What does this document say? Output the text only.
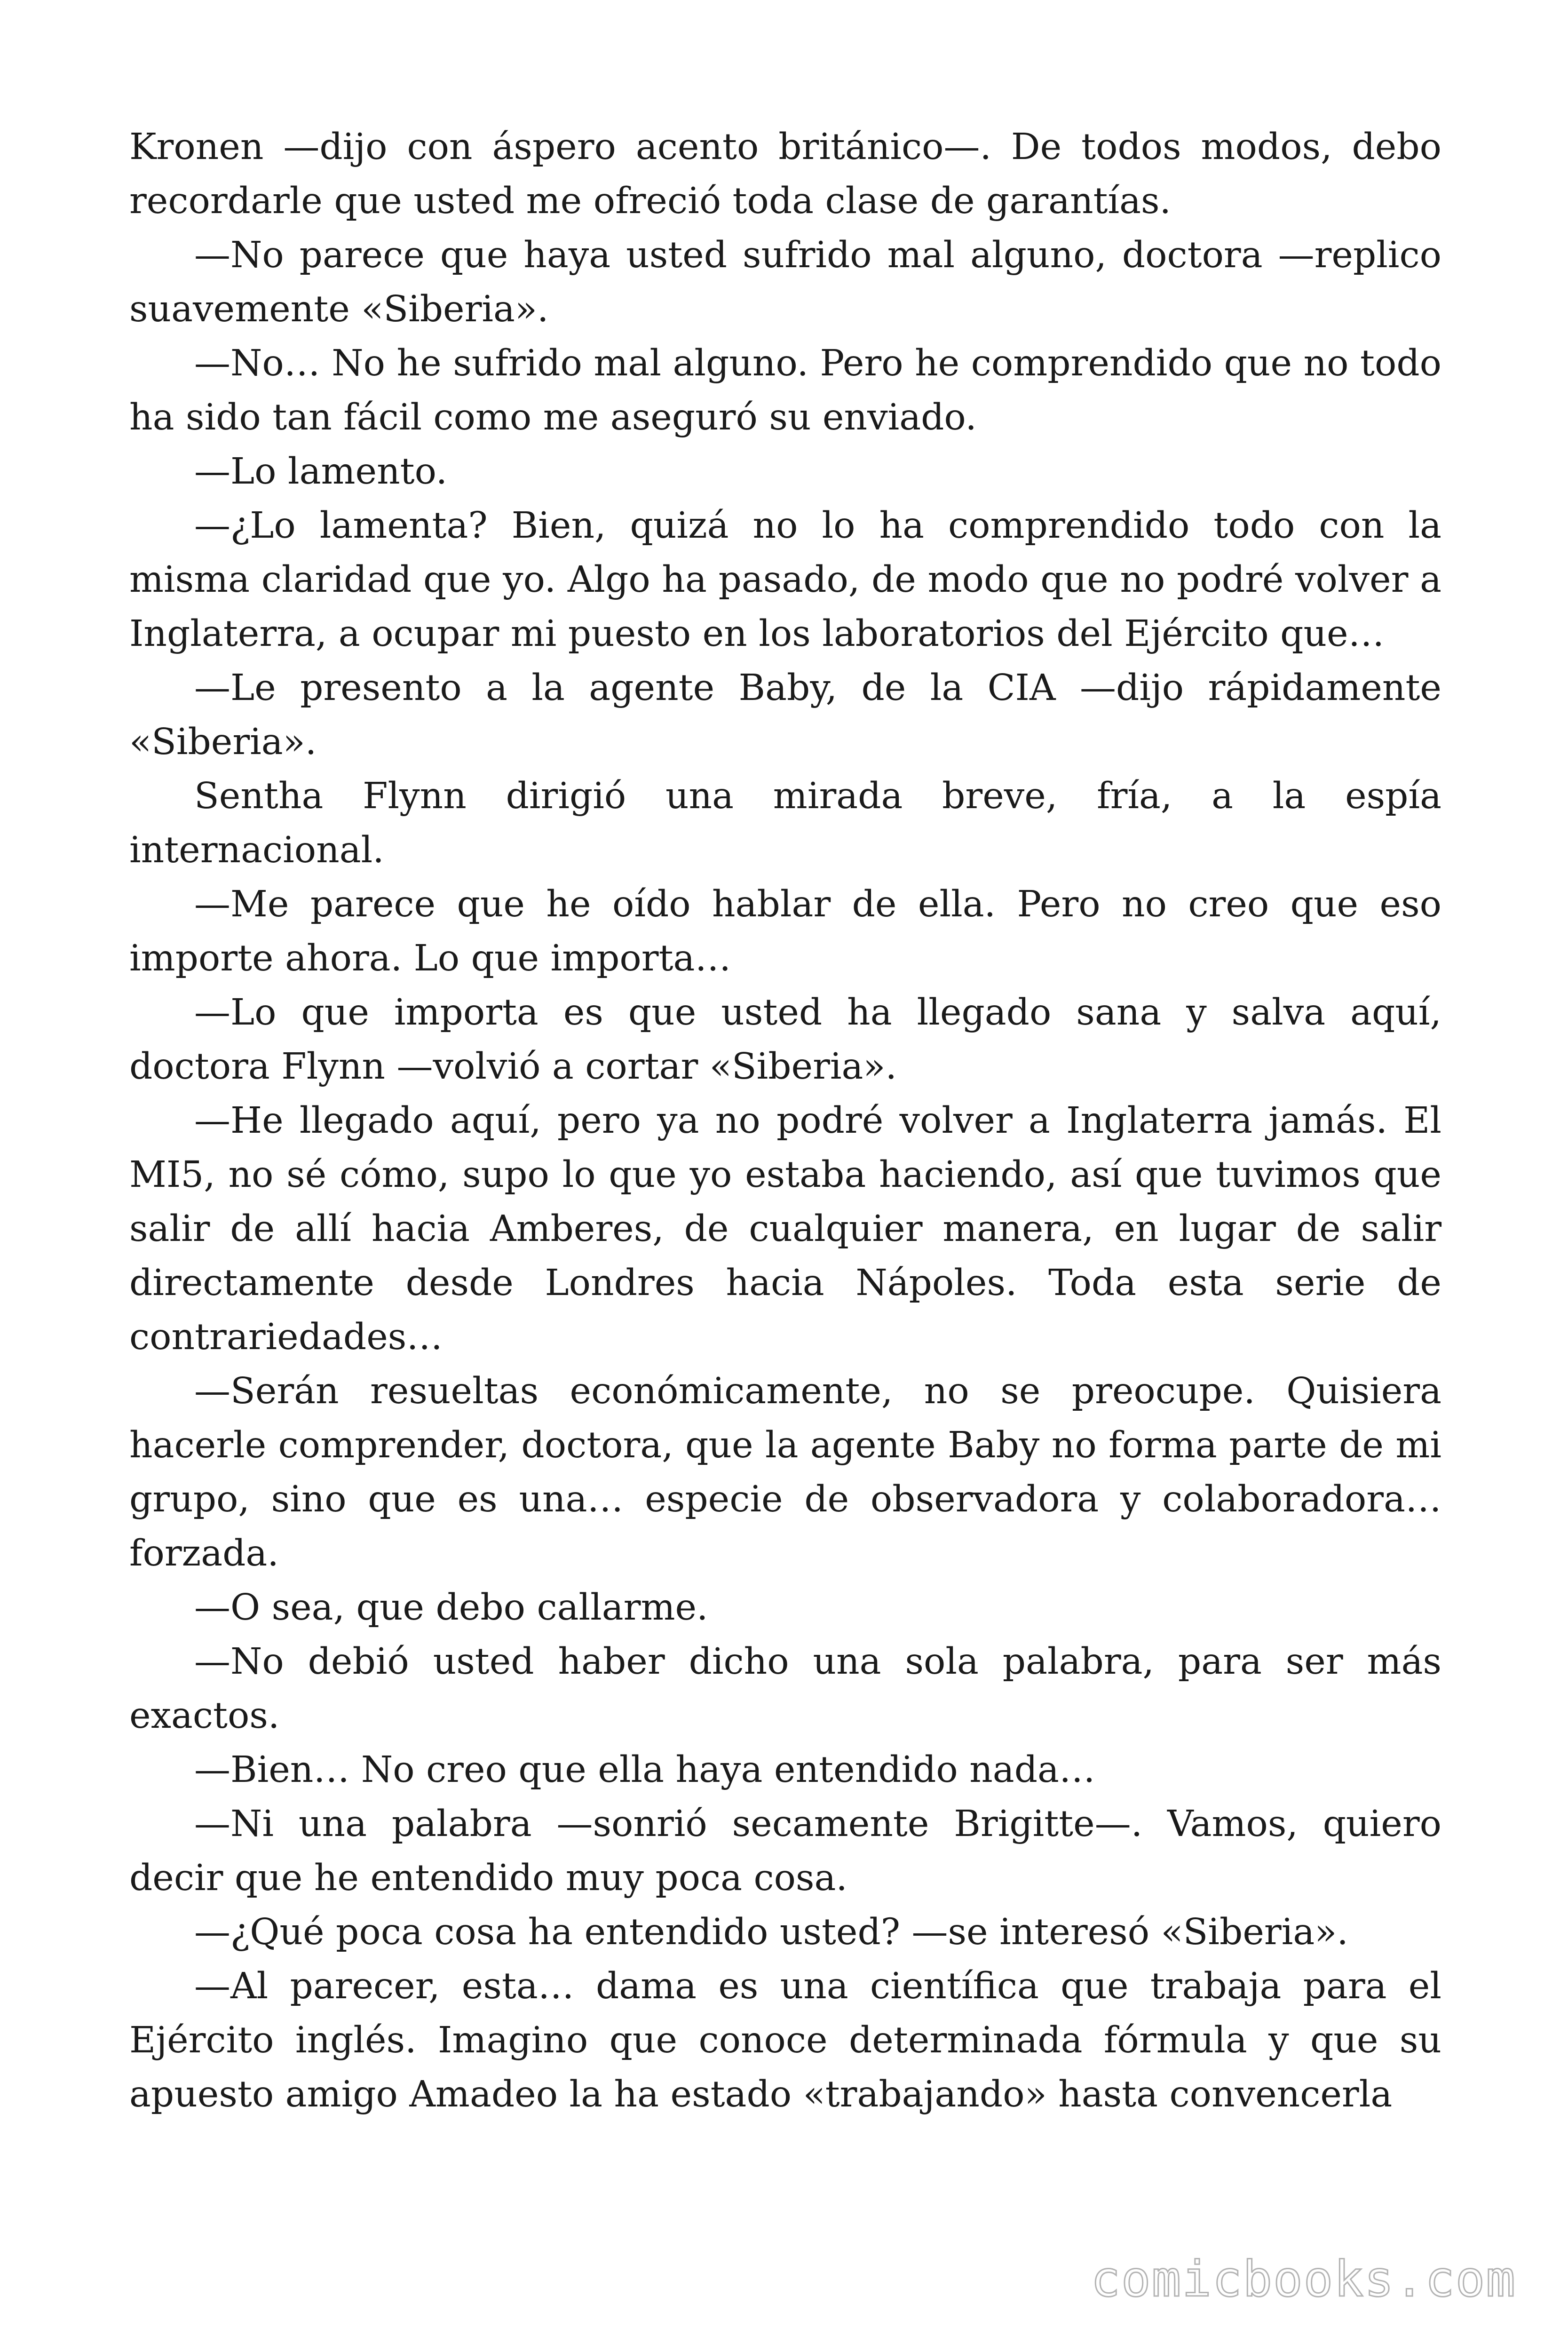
Kronen —dijo con áspero acento británico—. De todos modos, debo recordarle que usted me ofreció toda clase de garantías.

—No parece que haya usted sufrido mal alguno, doctora —replico suavemente «Siberia».

—No… No he sufrido mal alguno. Pero he comprendido que no todo ha sido tan fácil como me aseguró su enviado.

—Lo lamento.

—¿Lo lamenta? Bien, quizá no lo ha comprendido todo con la misma claridad que yo. Algo ha pasado, de modo que no podré volver a Inglaterra, a ocupar mi puesto en los laboratorios del Ejército que…

—Le presento a la agente Baby, de la CIA —dijo rápidamente «Siberia».

Sentha Flynn dirigió una mirada breve, fría, a la espía internacional.

—Me parece que he oído hablar de ella. Pero no creo que eso importe ahora. Lo que importa…

—Lo que importa es que usted ha llegado sana y salva aquí, doctora Flynn —volvió a cortar «Siberia».

—He llegado aquí, pero ya no podré volver a Inglaterra jamás. El MI5, no sé cómo, supo lo que yo estaba haciendo, así que tuvimos que salir de allí hacia Amberes, de cualquier manera, en lugar de salir directamente desde Londres hacia Nápoles. Toda esta serie de contrariedades…

—Serán resueltas económicamente, no se preocupe. Quisiera hacerle comprender, doctora, que la agente Baby no forma parte de mi grupo, sino que es una… especie de observadora y colaboradora… forzada.

—O sea, que debo callarme.

—No debió usted haber dicho una sola palabra, para ser más exactos.

—Bien… No creo que ella haya entendido nada…

—Ni una palabra —sonrió secamente Brigitte—. Vamos, quiero decir que he entendido muy poca cosa.

—¿Qué poca cosa ha entendido usted? —se interesó «Siberia».

—Al parecer, esta… dama es una científica que trabaja para el Ejército inglés. Imagino que conoce determinada fórmula y que su apuesto amigo Amadeo la ha estado «trabajando» hasta convencerla

comicbooks.com
